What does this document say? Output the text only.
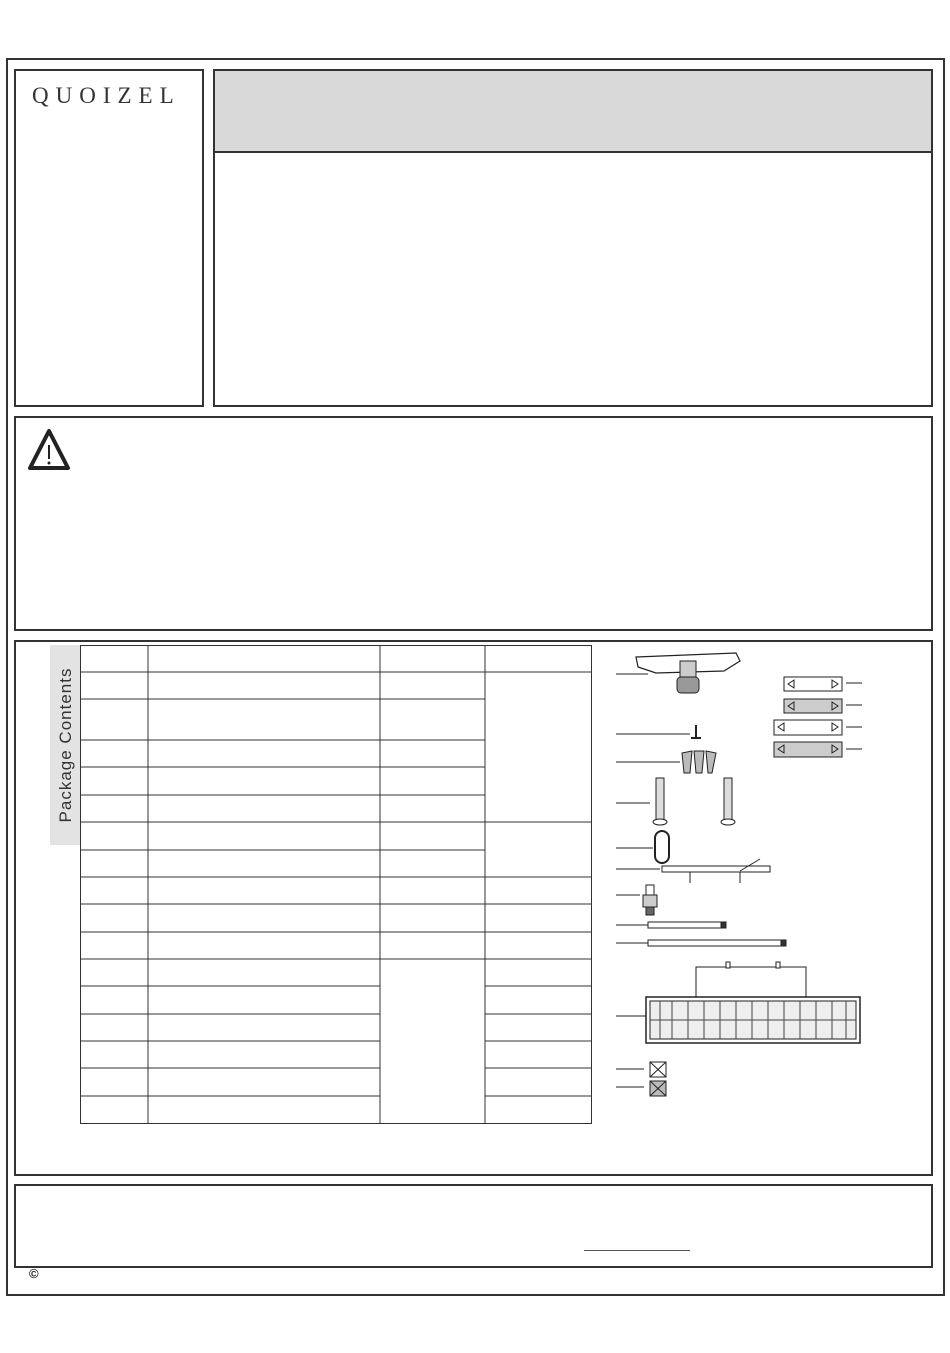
QUOIZEL
Package Contents
©
